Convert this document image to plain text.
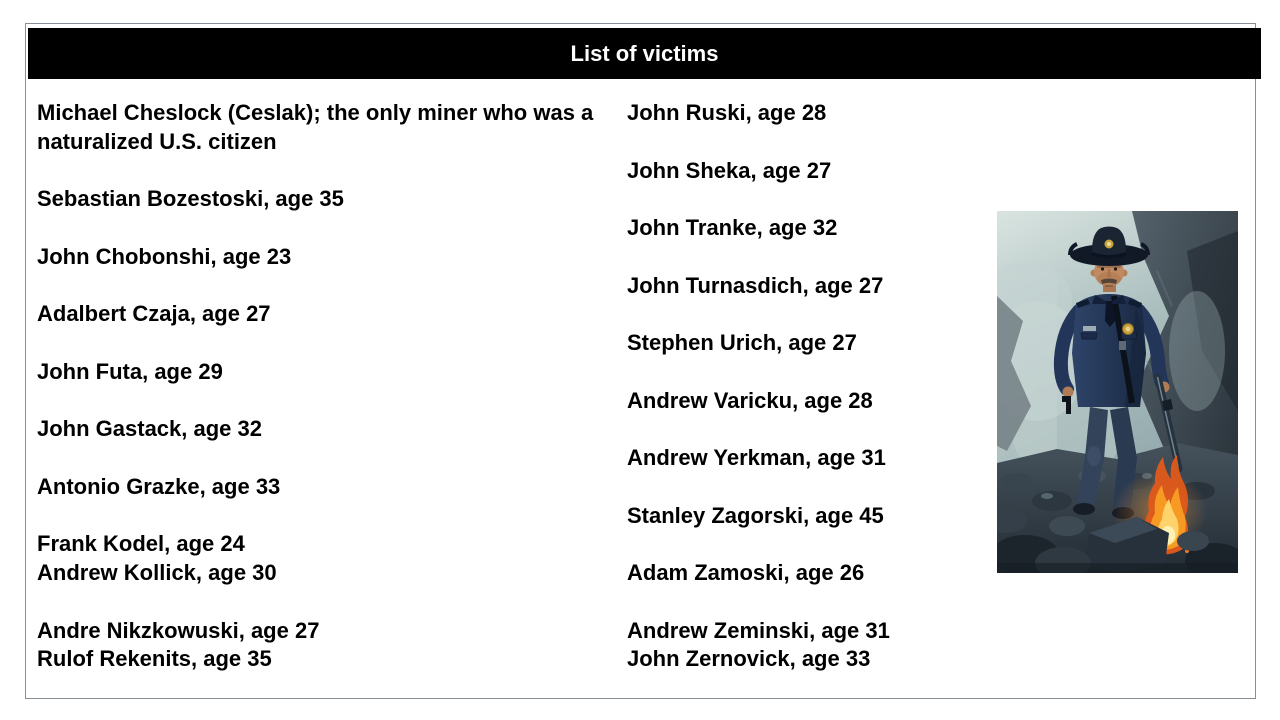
List of victims
Michael Cheslock (Ceslak); the only miner who was a naturalized U.S. citizen
Sebastian Bozestoski, age 35
John Chobonshi, age 23
Adalbert Czaja, age 27
John Futa, age 29
John Gastack, age 32
Antonio Grazke, age 33
Frank Kodel, age 24
Andrew Kollick, age 30
Andre Nikzkowuski, age 27
Rulof Rekenits, age 35
John Ruski, age 28
John Sheka, age 27
John Tranke, age 32
John Turnasdich, age 27
Stephen Urich, age 27
Andrew Varicku, age 28
Andrew Yerkman, age 31
Stanley Zagorski, age 45
Adam Zamoski, age 26
Andrew Zeminski, age 31
John Zernovick, age 33
